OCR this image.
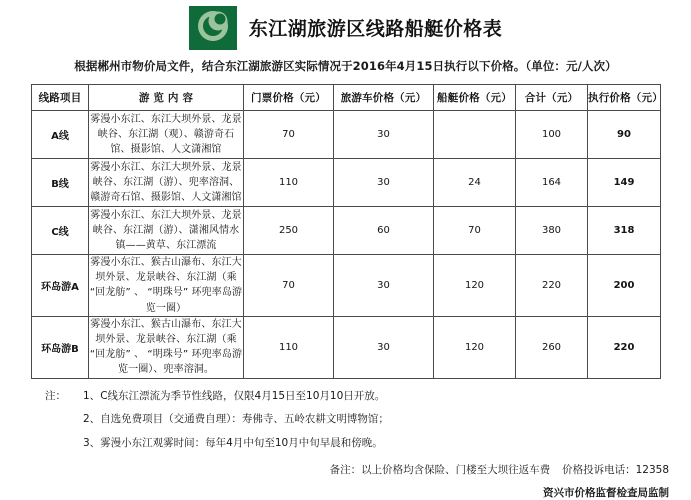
东江湖旅游区线路船艇价格表
根据郴州市物价局文件，结合东江湖旅游区实际情况于2016年4月15日执行以下价格。（单位：元/人次）
线路项目	游 览 内 容	门票价格（元）	旅游车价格（元）	船艇价格（元）	合计（元）	执行价格（元）
A线	雾漫小东江、东江大坝外景、龙景峡谷、东江湖（观）、赣游奇石馆、摄影馆、人文潇湘馆	70	30		100	90
B线	雾漫小东江、东江大坝外景、龙景峡谷、东江湖（游）、兜率溶洞、赣游奇石馆、摄影馆、人文潇湘馆	110	30	24	164	149
C线	雾漫小东江、东江大坝外景、龙景峡谷、东江湖（游）、潇湘风情水镇——黄草、东江漂流	250	60	70	380	318
环岛游A	雾漫小东江、猴古山瀑布、东江大坝外景、龙景峡谷、东江湖（乘 “回龙舫” 、 “明珠号” 环兜率岛游览一圈）	70	30	120	220	200
环岛游B	雾漫小东江、猴古山瀑布、东江大坝外景、龙景峡谷、东江湖（乘 “回龙舫” 、 “明珠号” 环兜率岛游览一圈）、兜率溶洞。	110	30	120	260	220
注：	1、 C线东江漂流为季节性线路，仅限4月15日至10月10日开放。
2、 自选免费项目（交通费自理）：寿佛寺、五岭农耕文明博物馆；
3、 雾漫小东江观雾时间：每年4月中旬至10月中旬早晨和傍晚。
备注：以上价格均含保险、门楼至大坝往返车费 价格投诉电话：12358
资兴市价格监督检查局监制
